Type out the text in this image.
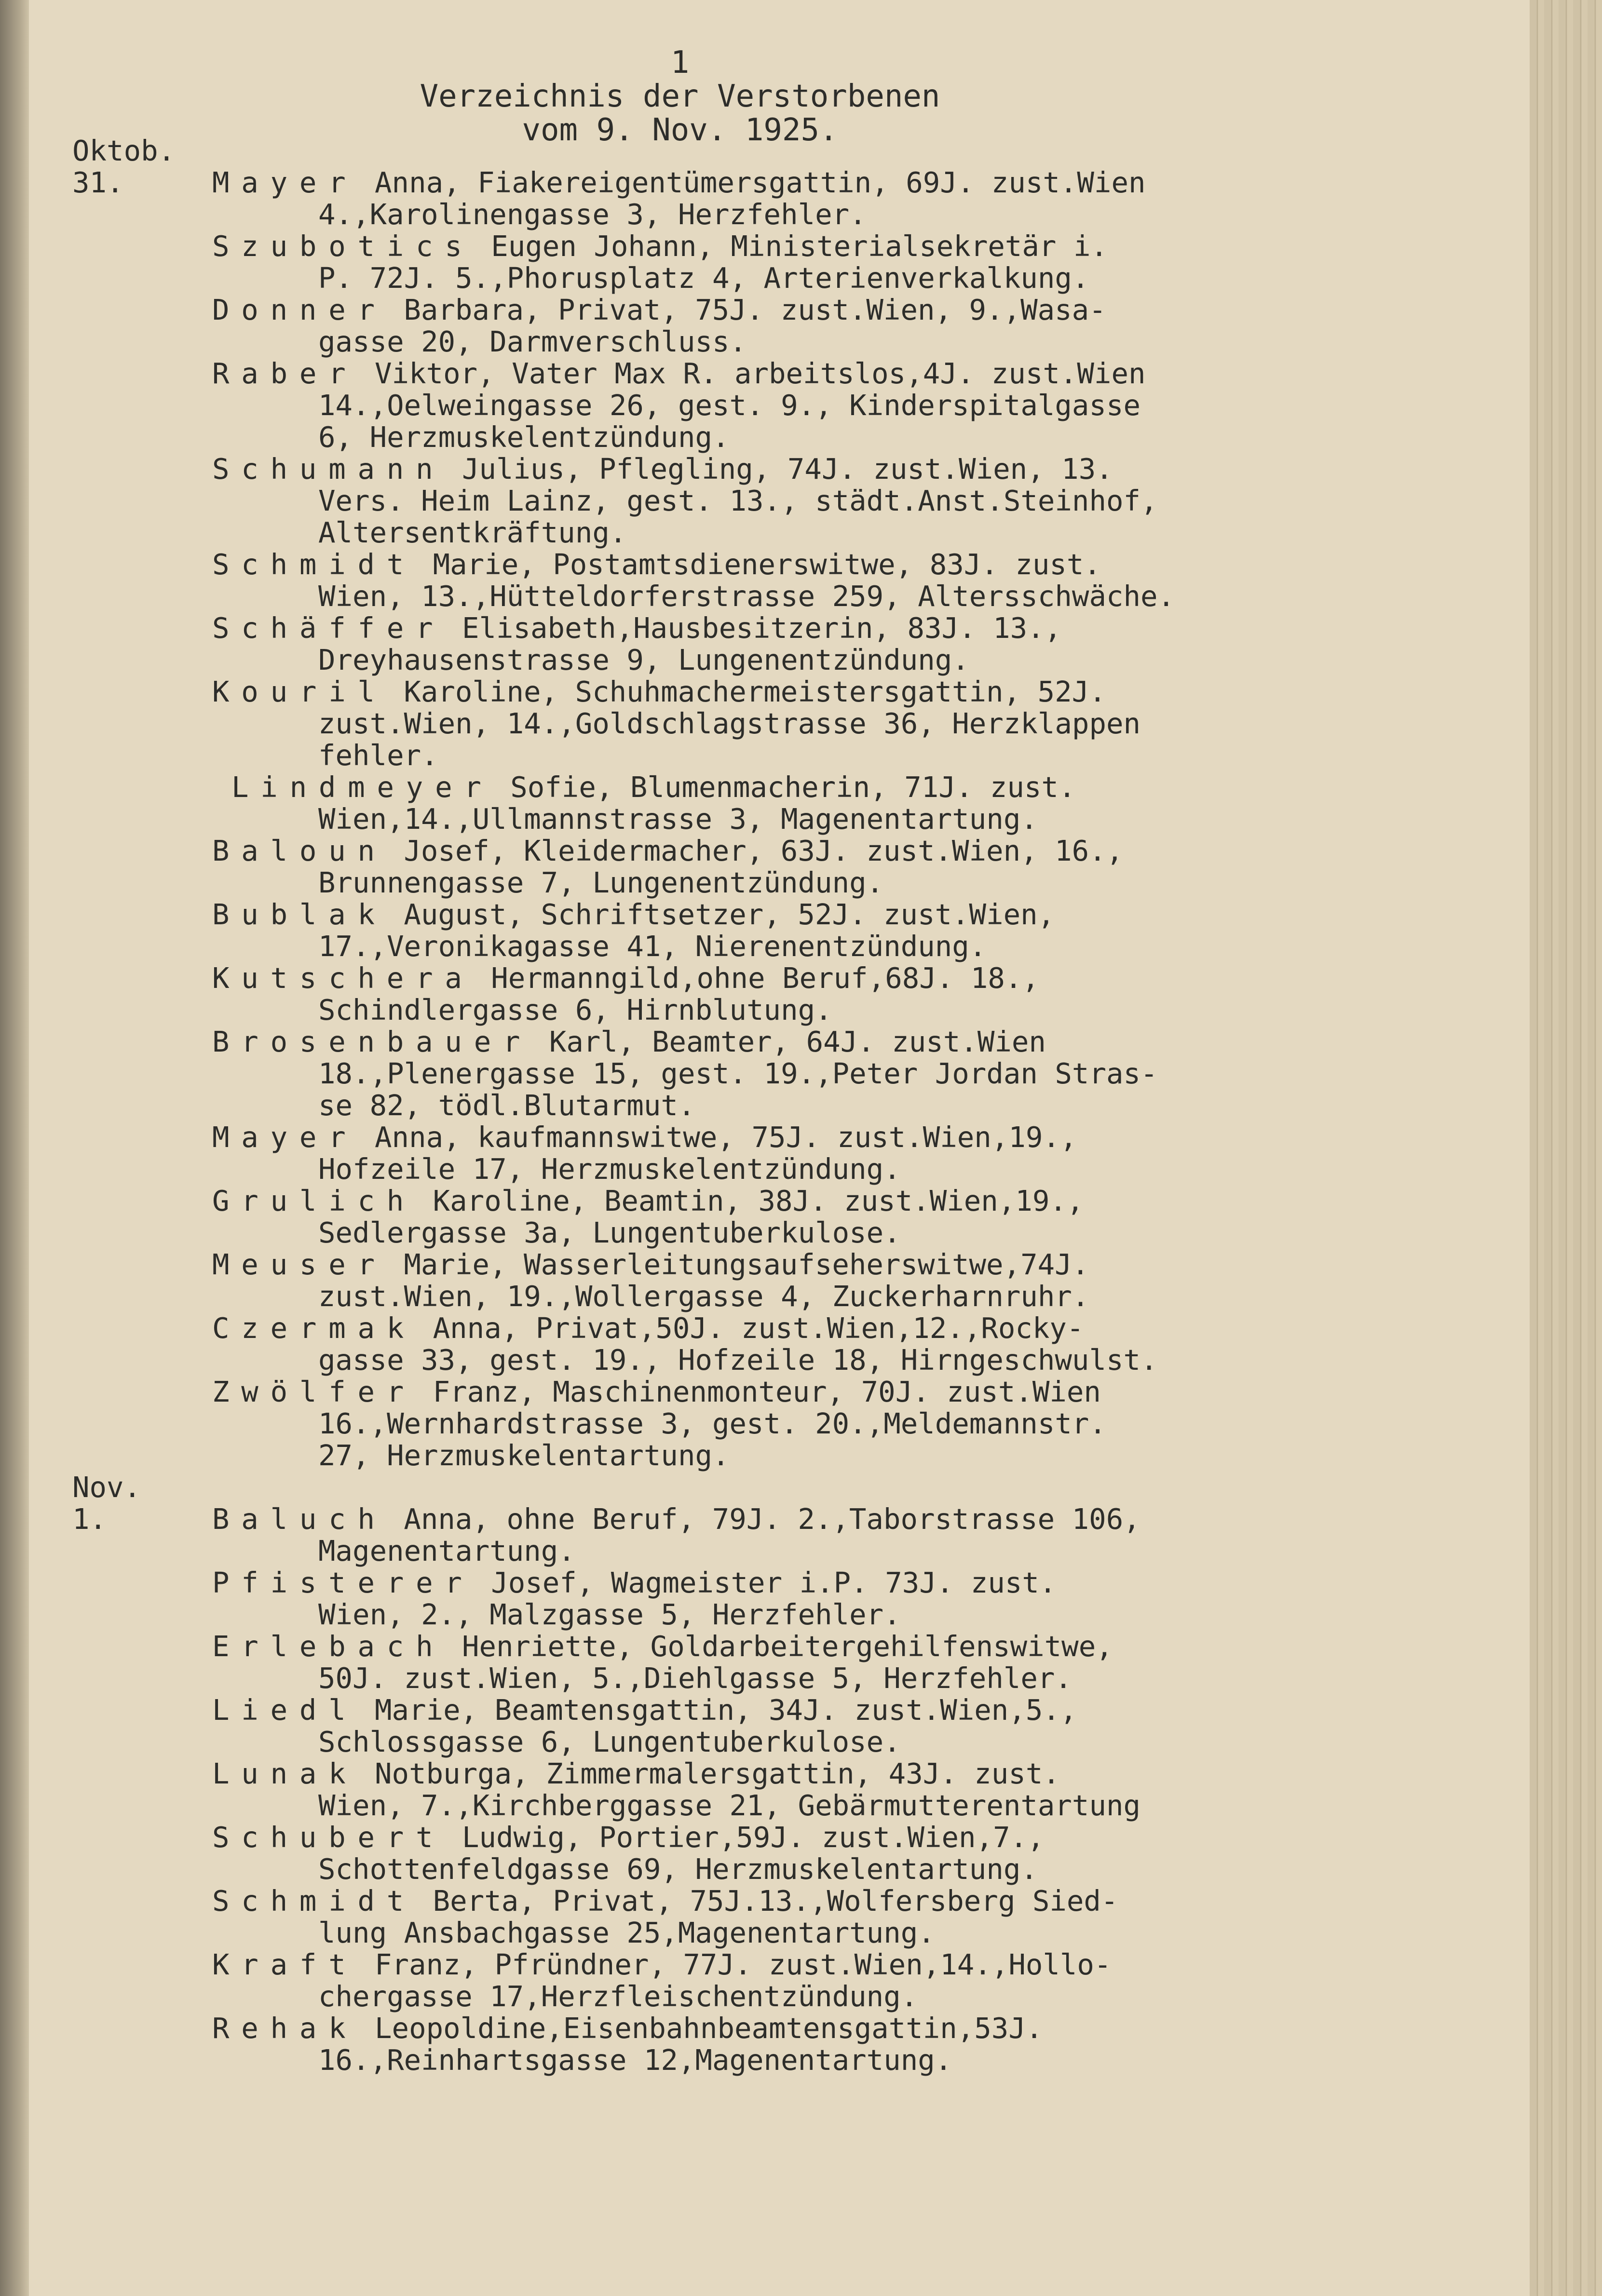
1
Verzeichnis der Verstorbenen
vom 9. Nov. 1925.
Oktob.
31.	Mayer Anna, Fiakereigentümersgattin, 69J. zust.Wien
4.,Karolinengasse 3, Herzfehler.
Szubotics Eugen Johann, Ministerialsekretär i.
P. 72J. 5.,Phorusplatz 4, Arterienverkalkung.
Donner Barbara, Privat, 75J. zust.Wien, 9.,Wasa-
gasse 20, Darmverschluss.
Raber Viktor, Vater Max R. arbeitslos,4J. zust.Wien
14.,Oelweingasse 26, gest. 9., Kinderspitalgasse
6, Herzmuskelentzündung.
Schumann Julius, Pflegling, 74J. zust.Wien, 13.
Vers. Heim Lainz, gest. 13., städt.Anst.Steinhof,
Altersentkräftung.
Schmidt Marie, Postamtsdienerswitwe, 83J. zust.
Wien, 13.,Hütteldorferstrasse 259, Altersschwäche.
Schäffer Elisabeth,Hausbesitzerin, 83J. 13.,
Dreyhausenstrasse 9, Lungenentzündung.
Kouril Karoline, Schuhmachermeistersgattin, 52J.
zust.Wien, 14.,Goldschlagstrasse 36, Herzklappen
fehler.
Lindmeyer Sofie, Blumenmacherin, 71J. zust.
Wien,14.,Ullmannstrasse 3, Magenentartung.
Baloun Josef, Kleidermacher, 63J. zust.Wien, 16.,
Brunnengasse 7, Lungenentzündung.
Bublak August, Schriftsetzer, 52J. zust.Wien,
17.,Veronikagasse 41, Nierenentzündung.
Kutschera Hermanngild,ohne Beruf,68J. 18.,
Schindlergasse 6, Hirnblutung.
Brosenbauer Karl, Beamter, 64J. zust.Wien
18.,Plenergasse 15, gest. 19.,Peter Jordan Stras-
se 82, tödl.Blutarmut.
Mayer Anna, kaufmannswitwe, 75J. zust.Wien,19.,
Hofzeile 17, Herzmuskelentzündung.
Grulich Karoline, Beamtin, 38J. zust.Wien,19.,
Sedlergasse 3a, Lungentuberkulose.
Meuser Marie, Wasserleitungsaufseherswitwe,74J.
zust.Wien, 19.,Wollergasse 4, Zuckerharnruhr.
Czermak Anna, Privat,50J. zust.Wien,12.,Rocky-
gasse 33, gest. 19., Hofzeile 18, Hirngeschwulst.
Zwölfer Franz, Maschinenmonteur, 70J. zust.Wien
16.,Wernhardstrasse 3, gest. 20.,Meldemannstr.
27, Herzmuskelentartung.
Nov.
1.	Baluch Anna, ohne Beruf, 79J. 2.,Taborstrasse 106,
Magenentartung.
Pfisterer Josef, Wagmeister i.P. 73J. zust.
Wien, 2., Malzgasse 5, Herzfehler.
Erlebach Henriette, Goldarbeitergehilfenswitwe,
50J. zust.Wien, 5.,Diehlgasse 5, Herzfehler.
Liedl Marie, Beamtensgattin, 34J. zust.Wien,5.,
Schlossgasse 6, Lungentuberkulose.
Lunak Notburga, Zimmermalersgattin, 43J. zust.
Wien, 7.,Kirchberggasse 21, Gebärmutterentartung
Schubert Ludwig, Portier,59J. zust.Wien,7.,
Schottenfeldgasse 69, Herzmuskelentartung.
Schmidt Berta, Privat, 75J.13.,Wolfersberg Sied-
lung Ansbachgasse 25,Magenentartung.
Kraft Franz, Pfründner, 77J. zust.Wien,14.,Hollo-
chergasse 17,Herzfleischentzündung.
Rehak Leopoldine,Eisenbahnbeamtensgattin,53J.
16.,Reinhartsgasse 12,Magenentartung.
